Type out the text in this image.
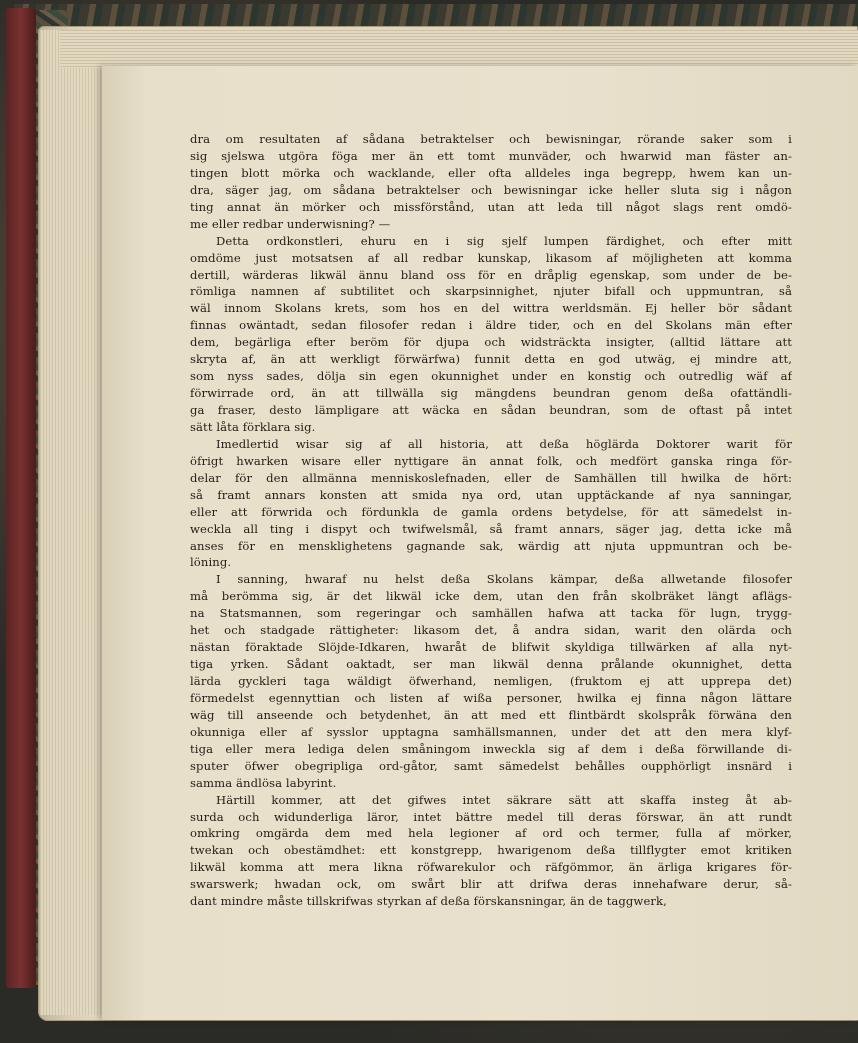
dra om resultaten af sådana betraktelser och bewisningar, rörande saker som i
sig sjelswa utgöra föga mer än ett tomt munväder, och hwarwid man fäster an-
tingen blott mörka och wacklande, eller ofta alldeles inga begrepp, hwem kan un-
dra, säger jag, om sådana betraktelser och bewisningar icke heller sluta sig i någon
ting annat än mörker och missförstånd, utan att leda till något slags rent omdö-
me eller redbar underwisning? —
Detta ordkonstleri, ehuru en i sig sjelf lumpen färdighet, och efter mitt
omdöme just motsatsen af all redbar kunskap, likasom af möjligheten att komma
dertill, wärderas likwäl ännu bland oss för en dråplig egenskap, som under de be-
römliga namnen af subtilitet och skarpsinnighet, njuter bifall och uppmuntran, så
wäl innom Skolans krets, som hos en del wittra werldsmän. Ej heller bör sådant
finnas owäntadt, sedan filosofer redan i äldre tider, och en del Skolans män efter
dem, begärliga efter beröm för djupa och widsträckta insigter, (alltid lättare att
skryta af, än att werkligt förwärfwa) funnit detta en god utwäg, ej mindre att,
som nyss sades, dölja sin egen okunnighet under en konstig och outredlig wäf af
förwirrade ord, än att tillwälla sig mängdens beundran genom deßa ofattändli-
ga fraser, desto lämpligare att wäcka en sådan beundran, som de oftast på intet
sätt låta förklara sig.
Imedlertid wisar sig af all historia, att deßa höglärda Doktorer warit för
öfrigt hwarken wisare eller nyttigare än annat folk, och medfört ganska ringa för-
delar för den allmänna menniskoslefnaden, eller de Samhällen till hwilka de hört:
så framt annars konsten att smida nya ord, utan upptäckande af nya sanningar,
eller att förwrida och fördunkla de gamla ordens betydelse, för att sämedelst in-
weckla all ting i dispyt och twifwelsmål, så framt annars, säger jag, detta icke må
anses för en mensklighetens gagnande sak, wärdig att njuta uppmuntran och be-
löning.
I sanning, hwaraf nu helst deßa Skolans kämpar, deßa allwetande filosofer
må berömma sig, är det likwäl icke dem, utan den från skolbräket längt aflägs-
na Statsmannen, som regeringar och samhällen hafwa att tacka för lugn, trygg-
het och stadgade rättigheter: likasom det, å andra sidan, warit den olärda och
nästan föraktade Slöjde-Idkaren, hwaråt de blifwit skyldiga tillwärken af alla nyt-
tiga yrken. Sådant oaktadt, ser man likwäl denna prålande okunnighet, detta
lärda gyckleri taga wäldigt öfwerhand, nemligen, (fruktom ej att upprepa det)
förmedelst egennyttian och listen af wißa personer, hwilka ej finna någon lättare
wäg till anseende och betydenhet, än att med ett flintbärdt skolspråk förwäna den
okunniga eller af sysslor upptagna samhällsmannen, under det att den mera klyf-
tiga eller mera lediga delen småningom inweckla sig af dem i deßa förwillande di-
sputer öfwer obegripliga ord-gåtor, samt sämedelst behålles oupphörligt insnärd i
samma ändlösa labyrint.
Härtill kommer, att det gifwes intet säkrare sätt att skaffa insteg åt ab-
surda och widunderliga läror, intet bättre medel till deras förswar, än att rundt
omkring omgärda dem med hela legioner af ord och termer, fulla af mörker,
twekan och obestämdhet: ett konstgrepp, hwarigenom deßa tillflygter emot kritiken
likwäl komma att mera likna röfwarekulor och räfgömmor, än ärliga krigares för-
swarswerk; hwadan ock, om swårt blir att drifwa deras innehafware derur, så-
dant mindre måste tillskrifwas styrkan af deßa förskansningar, än de taggwerk,
